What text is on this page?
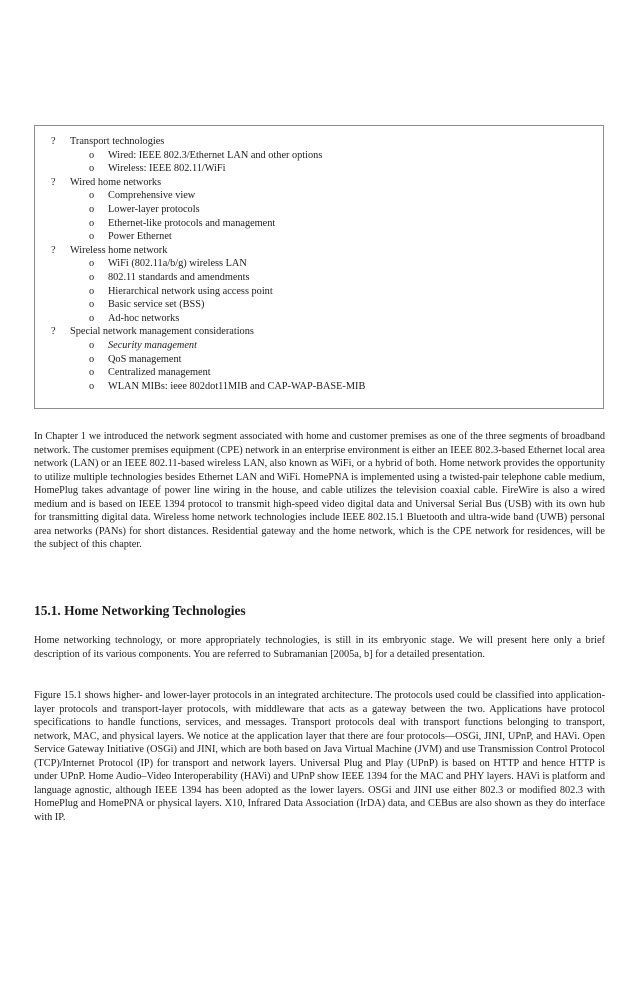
?	Transport technologies
o Wired: IEEE 802.3/Ethernet LAN and other options
o Wireless: IEEE 802.11/WiFi
?	Wired home networks
o Comprehensive view
o Lower-layer protocols
o Ethernet-like protocols and management
o Power Ethernet
?	Wireless home network
o WiFi (802.11a/b/g) wireless LAN
o 802.11 standards and amendments
o Hierarchical network using access point
o Basic service set (BSS)
o Ad-hoc networks
?	Special network management considerations
o Security management
o QoS management
o Centralized management
o WLAN MIBs: ieee 802dot11MIB and CAP-WAP-BASE-MIB

In Chapter 1 we introduced the network segment associated with home and customer premises as one of the three segments of broadband network. The customer premises equipment (CPE) network in an enterprise environment is either an IEEE 802.3-based Ethernet local area network (LAN) or an IEEE 802.11-based wireless LAN, also known as WiFi, or a hybrid of both. Home network provides the opportunity to utilize multiple technologies besides Ethernet LAN and WiFi. HomePNA is implemented using a twisted-pair telephone cable medium, HomePlug takes advantage of power line wiring in the house, and cable utilizes the television coaxial cable. FireWire is also a wired medium and is based on IEEE 1394 protocol to transmit high-speed video digital data and Universal Serial Bus (USB) with its own hub for transmitting digital data. Wireless home network technologies include IEEE 802.15.1 Bluetooth and ultra-wide band (UWB) personal area networks (PANs) for short distances. Residential gateway and the home network, which is the CPE network for residences, will be the subject of this chapter.

15.1. Home Networking Technologies

Home networking technology, or more appropriately technologies, is still in its embryonic stage. We will present here only a brief description of its various components. You are referred to Subramanian [2005a, b] for a detailed presentation.

Figure 15.1 shows higher- and lower-layer protocols in an integrated architecture. The protocols used could be classified into application-layer protocols and transport-layer protocols, with middleware that acts as a gateway between the two. Applications have protocol specifications to handle functions, services, and messages. Transport protocols deal with transport functions belonging to transport, network, MAC, and physical layers. We notice at the application layer that there are four protocols—OSGi, JINI, UPnP, and HAVi. Open Service Gateway Initiative (OSGi) and JINI, which are both based on Java Virtual Machine (JVM) and use Transmission Control Protocol (TCP)/Internet Protocol (IP) for transport and network layers. Universal Plug and Play (UPnP) is based on HTTP and hence HTTP is under UPnP. Home Audio–Video Interoperability (HAVi) and UPnP show IEEE 1394 for the MAC and PHY layers. HAVi is platform and language agnostic, although IEEE 1394 has been adopted as the lower layers. OSGi and JINI use either 802.3 or modified 802.3 with HomePlug and HomePNA or physical layers. X10, Infrared Data Association (IrDA) data, and CEBus are also shown as they do interface with IP.
